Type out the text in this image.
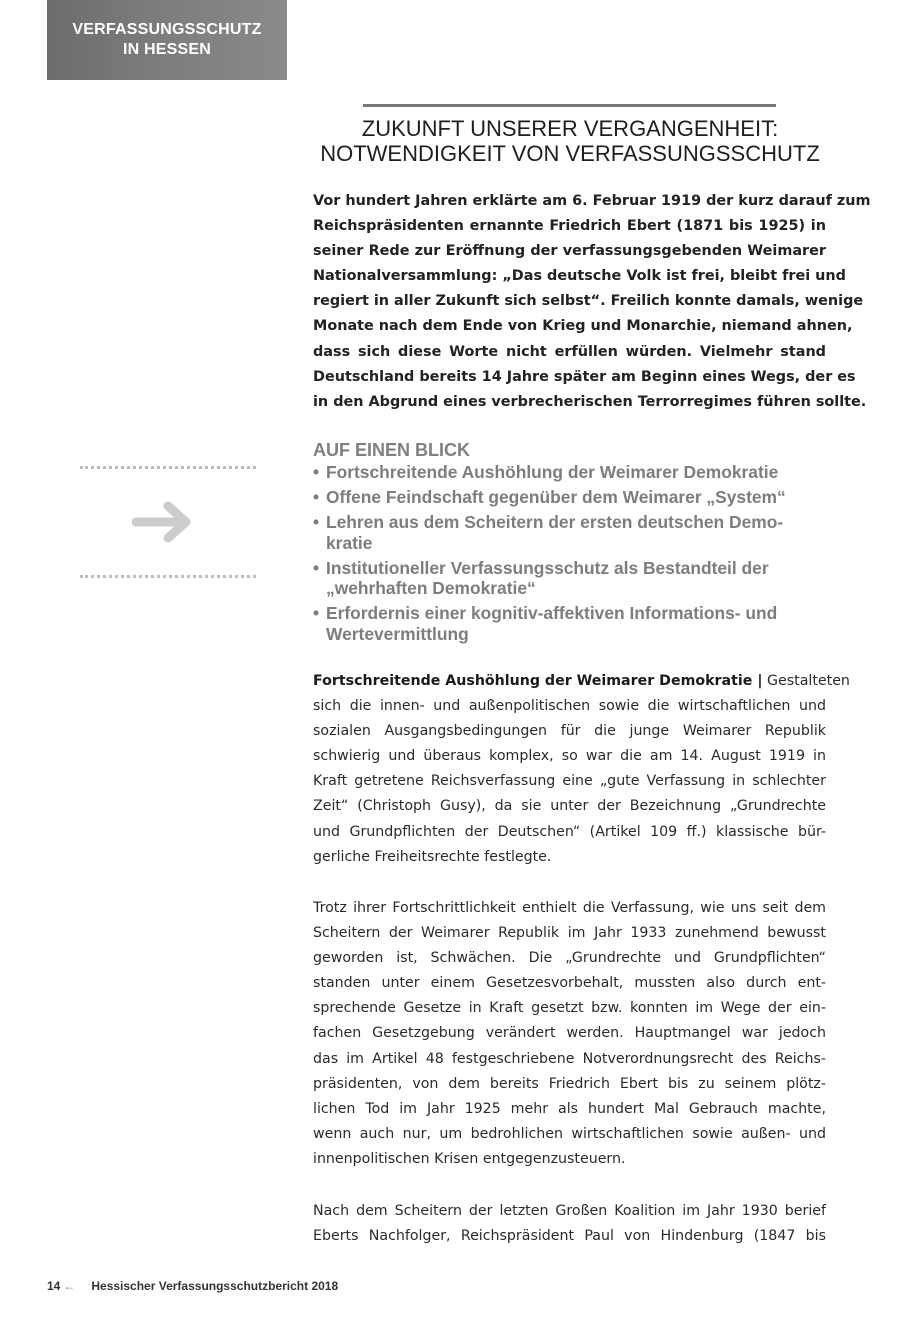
VERFASSUNGSSCHUTZ
IN HESSEN
ZUKUNFT UNSERER VERGANGENHEIT:
NOTWENDIGKEIT VON VERFASSUNGSSCHUTZ
Vor hundert Jahren erklärte am 6. Februar 1919 der kurz darauf zum
Reichspräsidenten ernannte Friedrich Ebert (1871 bis 1925) in
seiner Rede zur Eröffnung der verfassungsgebenden Weimarer
Nationalversammlung: „Das deutsche Volk ist frei, bleibt frei und
regiert in aller Zukunft sich selbst“. Freilich konnte damals, wenige
Monate nach dem Ende von Krieg und Monarchie, niemand ahnen,
dass sich diese Worte nicht erfüllen würden. Vielmehr stand
Deutschland bereits 14 Jahre später am Beginn eines Wegs, der es
in den Abgrund eines verbrecherischen Terrorregimes führen sollte.
AUF EINEN BLICK
• Fortschreitende Aushöhlung der Weimarer Demokratie
• Offene Feindschaft gegenüber dem Weimarer „System“
• Lehren aus dem Scheitern der ersten deutschen Demo-
kratie
• Institutioneller Verfassungsschutz als Bestandteil der
„wehrhaften Demokratie“
• Erfordernis einer kognitiv-affektiven Informations- und
Wertevermittlung
Fortschreitende Aushöhlung der Weimarer Demokratie | Gestalteten
sich die innen- und außenpolitischen sowie die wirtschaftlichen und
sozialen Ausgangsbedingungen für die junge Weimarer Republik
schwierig und überaus komplex, so war die am 14. August 1919 in
Kraft getretene Reichsverfassung eine „gute Verfassung in schlechter
Zeit“ (Christoph Gusy), da sie unter der Bezeichnung „Grundrechte
und Grundpflichten der Deutschen“ (Artikel 109 ff.) klassische bür-
gerliche Freiheitsrechte festlegte.
Trotz ihrer Fortschrittlichkeit enthielt die Verfassung, wie uns seit dem
Scheitern der Weimarer Republik im Jahr 1933 zunehmend bewusst
geworden ist, Schwächen. Die „Grundrechte und Grundpflichten“
standen unter einem Gesetzesvorbehalt, mussten also durch ent-
sprechende Gesetze in Kraft gesetzt bzw. konnten im Wege der ein-
fachen Gesetzgebung verändert werden. Hauptmangel war jedoch
das im Artikel 48 festgeschriebene Notverordnungsrecht des Reichs-
präsidenten, von dem bereits Friedrich Ebert bis zu seinem plötz-
lichen Tod im Jahr 1925 mehr als hundert Mal Gebrauch machte,
wenn auch nur, um bedrohlichen wirtschaftlichen sowie außen- und
innenpolitischen Krisen entgegenzusteuern.
Nach dem Scheitern der letzten Großen Koalition im Jahr 1930 berief
Eberts Nachfolger, Reichspräsident Paul von Hindenburg (1847 bis
14 ← Hessischer Verfassungsschutzbericht 2018
